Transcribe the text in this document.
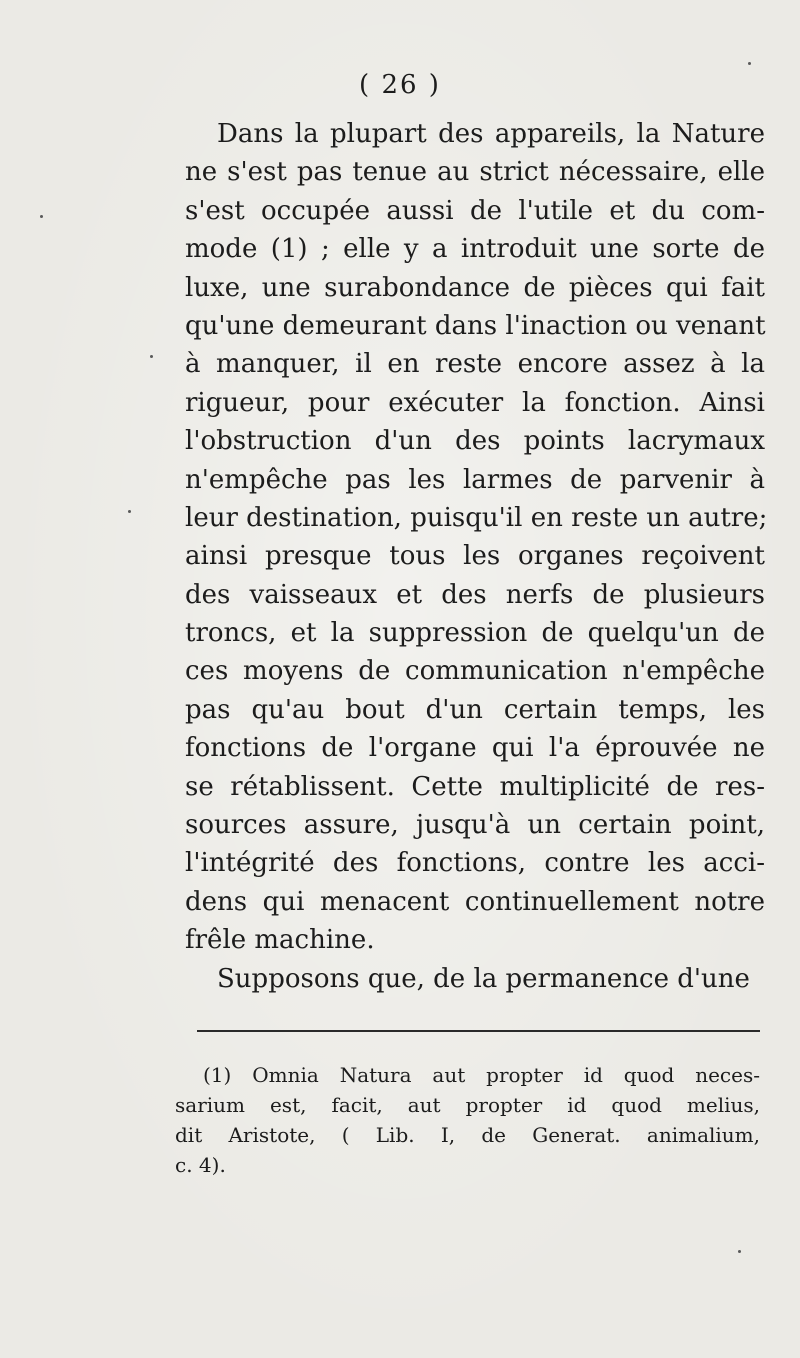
( 26 )
Dans la plupart des appareils, la Nature
ne s'est pas tenue au strict nécessaire, elle
s'est occupée aussi de l'utile et du com-
mode (1) ; elle y a introduit une sorte de
luxe, une surabondance de pièces qui fait
qu'une demeurant dans l'inaction ou venant
à manquer, il en reste encore assez à la
rigueur, pour exécuter la fonction. Ainsi
l'obstruction d'un des points lacrymaux
n'empêche pas les larmes de parvenir à
leur destination, puisqu'il en reste un autre;
ainsi presque tous les organes reçoivent
des vaisseaux et des nerfs de plusieurs
troncs, et la suppression de quelqu'un de
ces moyens de communication n'empêche
pas qu'au bout d'un certain temps, les
fonctions de l'organe qui l'a éprouvée ne
se rétablissent. Cette multiplicité de res-
sources assure, jusqu'à un certain point,
l'intégrité des fonctions, contre les acci-
dens qui menacent continuellement notre
frêle machine.
Supposons que, de la permanence d'une
(1) Omnia Natura aut propter id quod neces-
sarium est, facit, aut propter id quod melius,
dit Aristote, ( Lib. I, de Generat. animalium,
c. 4).
